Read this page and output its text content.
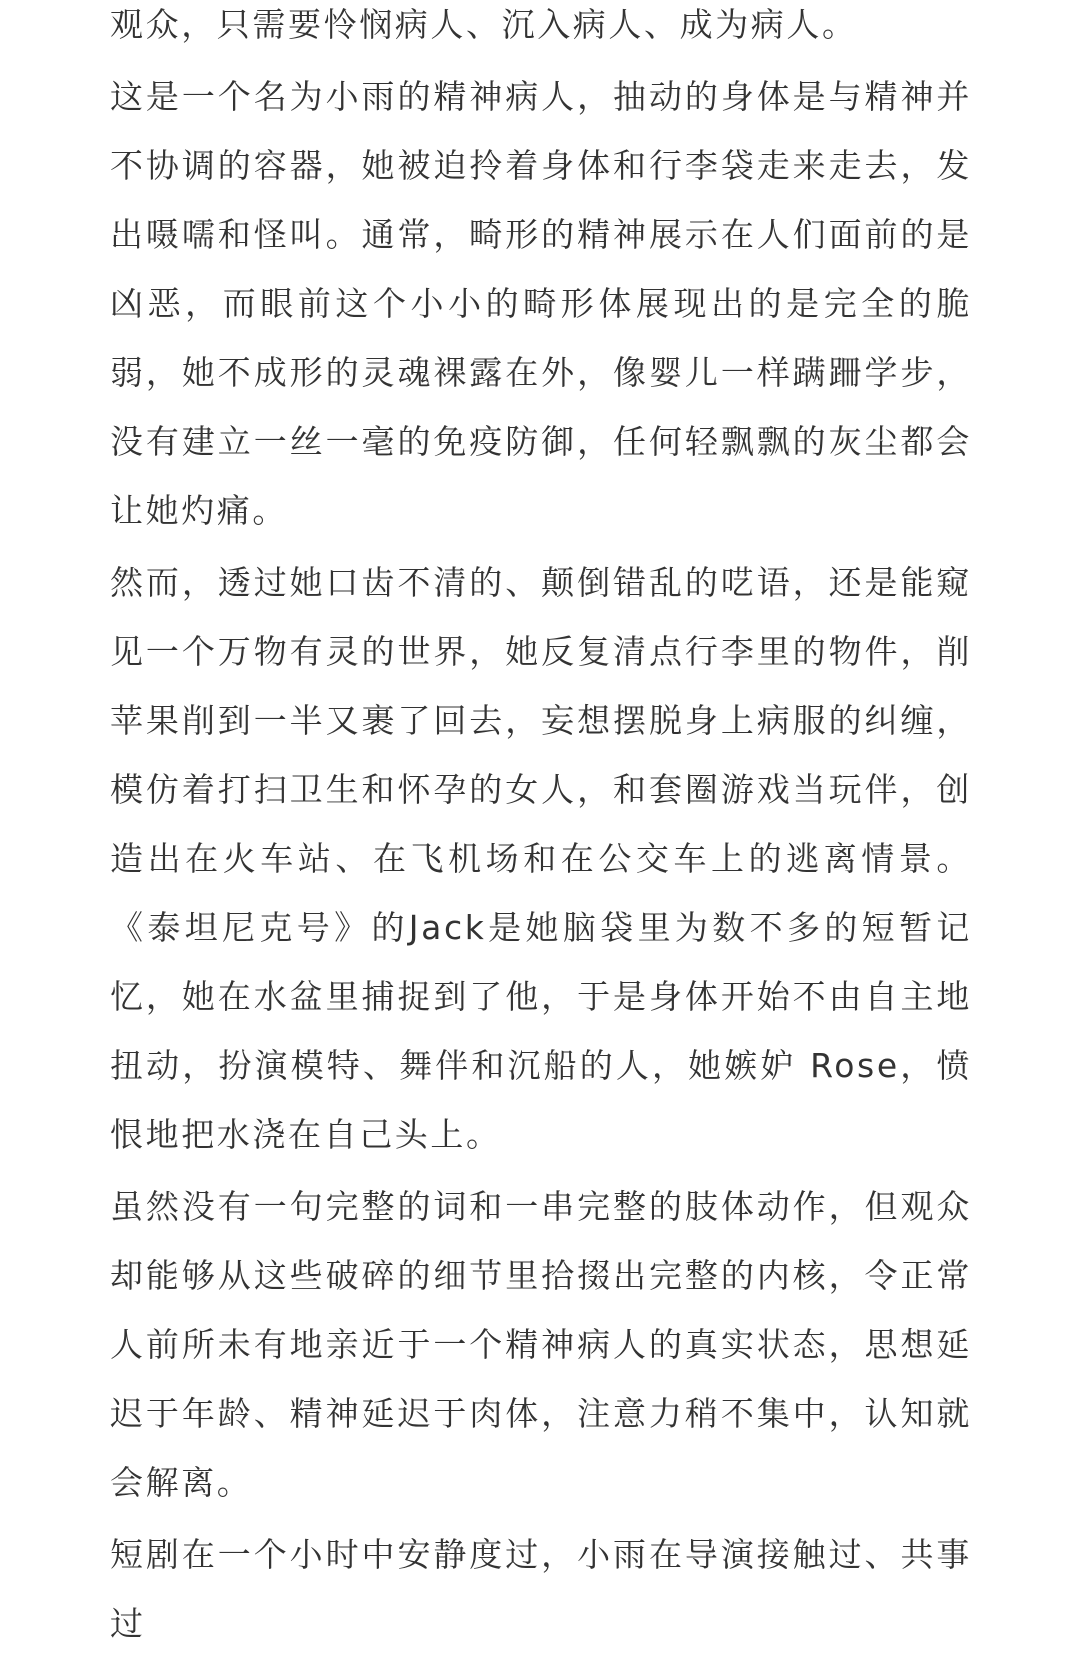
观众，只需要怜悯病人、沉入病人、成为病人。

这是一个名为小雨的精神病人，抽动的身体是与精神并不协调的容器，她被迫拎着身体和行李袋走来走去，发出嗫嚅和怪叫。通常，畸形的精神展示在人们面前的是凶恶，而眼前这个小小的畸形体展现出的是完全的脆弱，她不成形的灵魂裸露在外，像婴儿一样蹒跚学步，没有建立一丝一毫的免疫防御，任何轻飘飘的灰尘都会让她灼痛。

然而，透过她口齿不清的、颠倒错乱的呓语，还是能窥见一个万物有灵的世界，她反复清点行李里的物件，削苹果削到一半又裹了回去，妄想摆脱身上病服的纠缠，模仿着打扫卫生和怀孕的女人，和套圈游戏当玩伴，创造出在火车站、在飞机场和在公交车上的逃离情景。《泰坦尼克号》的Jack是她脑袋里为数不多的短暂记忆，她在水盆里捕捉到了他，于是身体开始不由自主地扭动，扮演模特、舞伴和沉船的人，她嫉妒 Rose，愤恨地把水浇在自己头上。

虽然没有一句完整的词和一串完整的肢体动作，但观众却能够从这些破碎的细节里拾掇出完整的内核，令正常人前所未有地亲近于一个精神病人的真实状态，思想延迟于年龄、精神延迟于肉体，注意力稍不集中，认知就会解离。

短剧在一个小时中安静度过，小雨在导演接触过、共事过
